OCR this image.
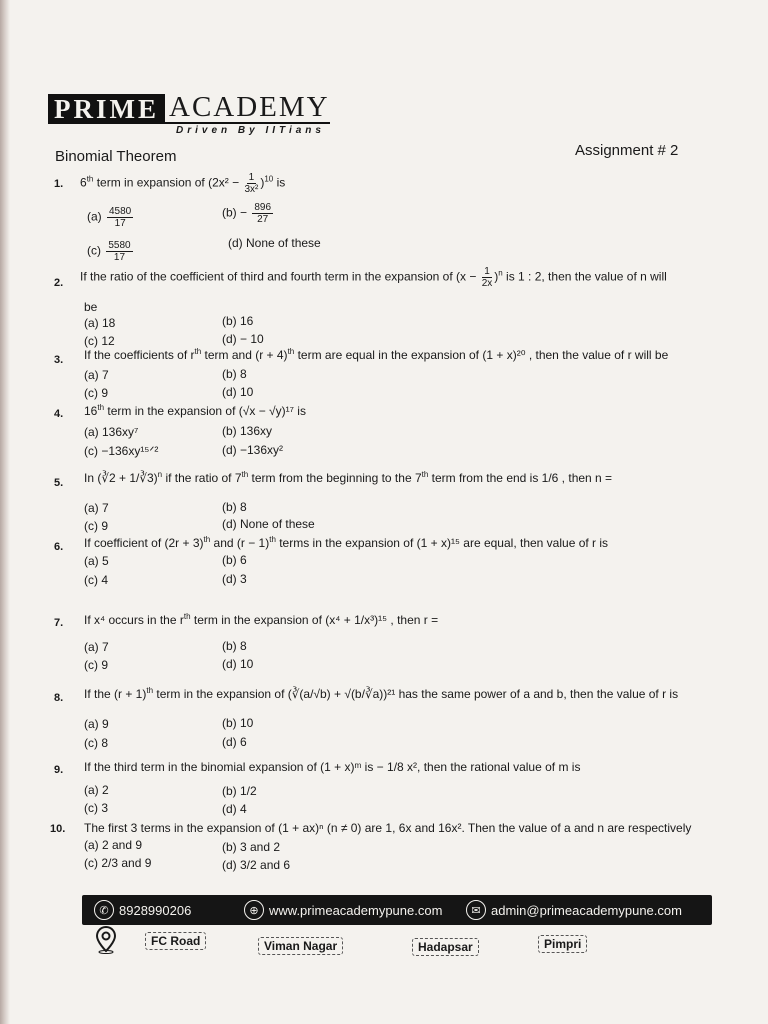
PRIME ACADEMY
Driven By IITians
Binomial Theorem	Assignment # 2
1. 6th term in expansion of $(2x^2 - \frac{1}{\text{3x²}} )^{10}$ is
$(a) \frac{4580}{17}$	$(b) - \frac{896}{27}$
$(c) \frac{5580}{17}$	(d) None of these
2. If the ratio of the coefficient of third and fourth term in the expansion of $(x - \frac{1}{2x} )^n$ is 1 : 2, then the value of n will
be
(a) 18	(b) 16
(c) 12	(d) − 10
3. If the coefficients of $r^{th}$ term and $(r + 4)^{th}$ term are equal in the expansion of (1 + x)²⁰ , then the value of r will be
(a) 7	(b) 8
(c) 9	(d) 10
4. 16th term in the expansion of (√x − √y)¹⁷ is
(a) 136xy⁷	(b) 136xy
(c) −136xy¹⁵ᐟ²	(d) −136xy²
5. In (∛2 + 1/∛3)$^n$ if the ratio of 7th term from the beginning to the 7th term from the end is 1/6 , then n =
(a) 7	(b) 8
(c) 9	(d) None of these
6. If coefficient of $(2r + 3)^{th}$ and $(r - 1)^{th}$ terms in the expansion of (1 + x)¹⁵ are equal, then value of r is
(a) 5	(b) 6
(c) 4	(d) 3
7. If x⁴ occurs in the $r^{th}$ term in the expansion of (x⁴ + 1/x³)¹⁵ , then r =
(a) 7	(b) 8
(c) 9	(d) 10
8. If the $(r + 1)^{th}$ term in the expansion of (∛(a/√b) + √(b/∛a))²¹ has the same power of a and b, then the value of r is
(a) 9	(b) 10
(c) 8	(d) 6
9. If the third term in the binomial expansion of (1 + x)ᵐ is − 1/8 x², then the rational value of m is
(a) 2	(b) 1/2
(c) 3	(d) 4
10. The first 3 terms in the expansion of (1 + ax)ⁿ (n ≠ 0) are 1, 6x and 16x². Then the value of a and n are respectively
(a) 2 and 9	(b) 3 and 2
(c) 2/3 and 9	(d) 3/2 and 6
✆ 8928990206	⊕ www.primeacademypune.com	✉ admin@primeacademypune.com
FC Road	Viman Nagar	Hadapsar	Pimpri
